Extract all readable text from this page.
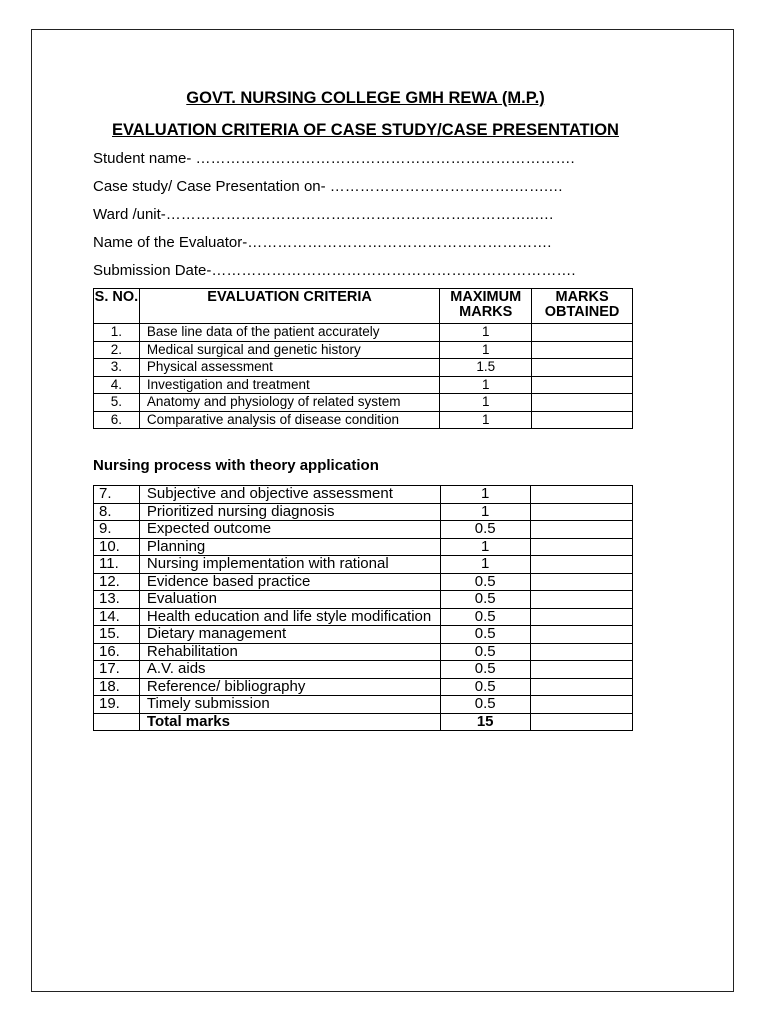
GOVT. NURSING COLLEGE GMH REWA (M.P.)
EVALUATION CRITERIA OF CASE STUDY/CASE PRESENTATION
Student name- ………………………………………………………………….
Case study/ Case Presentation on- ……………………………….…….…
Ward /unit-………………………………………………………………..….
Name of the Evaluator-…………………………………………………….
Submission Date-……………………………………………………………….
S. NO.	EVALUATION CRITERIA	MAXIMUM MARKS	MARKS OBTAINED
1.	Base line data of the patient accurately	1	
2.	Medical surgical and genetic history	1	
3.	Physical assessment	1.5	
4.	Investigation and treatment	1	
5.	Anatomy and physiology of related system	1	
6.	Comparative analysis of disease condition	1	
Nursing process with theory application
7.	Subjective and objective assessment	1	
8.	Prioritized nursing diagnosis	1	
9.	Expected outcome	0.5	
10.	Planning	1	
11.	Nursing implementation with rational	1	
12.	Evidence based practice	0.5	
13.	Evaluation	0.5	
14.	Health education and life style modification	0.5	
15.	Dietary management	0.5	
16.	Rehabilitation	0.5	
17.	A.V. aids	0.5	
18.	Reference/ bibliography	0.5	
19.	Timely submission	0.5	
	Total marks	15	
